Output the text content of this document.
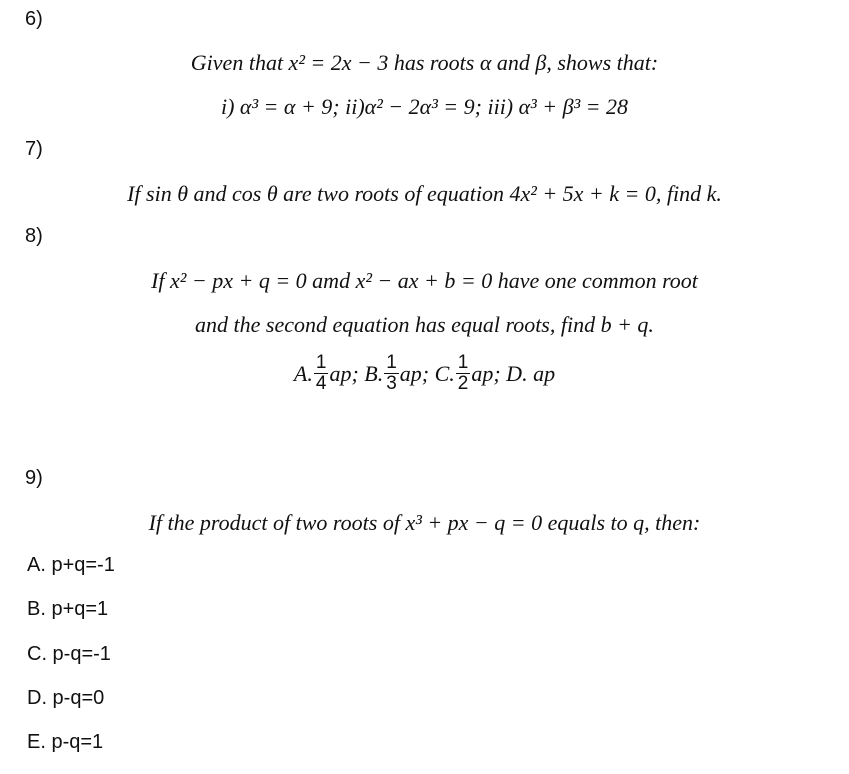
6)
Given that x² = 2x − 3 has roots α and β, shows that:
i) α³ = α + 9; ii)α² − 2α³ = 9; iii) α³ + β³ = 28
7)
If sin θ and cos θ are two roots of equation 4x² + 5x + k = 0, find k.
8)
If x² − px + q = 0 amd x² − ax + b = 0 have one common root
and the second equation has equal roots, find b + q.
A. $\frac{1}{4}$ ap; B. $\frac{1}{3}$ ap; C. $\frac{1}{2}$ ap; D. ap
9)
If the product of two roots of x³ + px − q = 0 equals to q, then:
A. p+q=-1
B. p+q=1
C. p-q=-1
D. p-q=0
E. p-q=1
